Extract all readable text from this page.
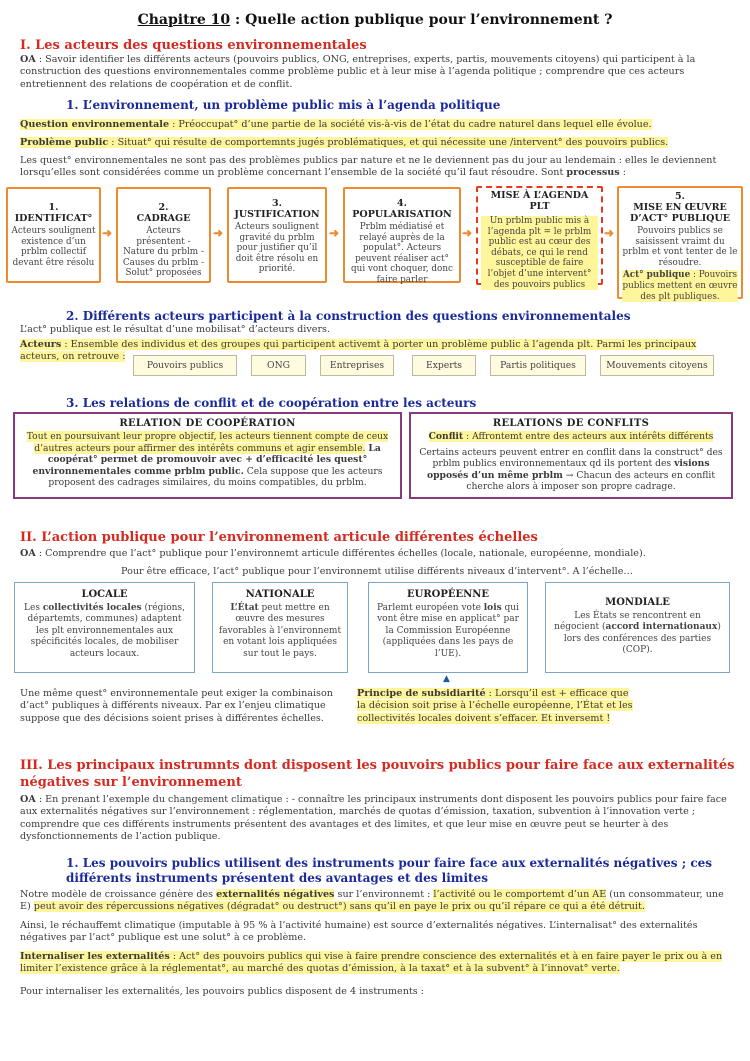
Chapitre 10 : Quelle action publique pour l’environnement ?
I. Les acteurs des questions environnementales
OA : Savoir identifier les différents acteurs (pouvoirs publics, ONG, entreprises, experts, partis, mouvements citoyens) qui participent à la construction des questions environnementales comme problème public et à leur mise à l’agenda politique ; comprendre que ces acteurs entretiennent des relations de coopération et de conflit.
1. L’environnement, un problème public mis à l’agenda politique
Question environnementale : Préoccupat° d’une partie de la société vis-à-vis de l’état du cadre naturel dans lequel elle évolue.
Problème public : Situat° qui résulte de comportemnts jugés problématiques, et qui nécessite une /intervent° des pouvoirs publics.
Les quest° environnementales ne sont pas des problèmes publics par nature et ne le deviennent pas du jour au lendemain : elles le deviennent lorsqu’elles sont considérées comme un problème concernant l’ensemble de la société qu’il faut résoudre. Sont processus :
1.
IDENTIFICAT°
Acteurs soulignent existence d’un prblm collectif devant être résolu
➜
2.
CADRAGE
Acteurs présentent - Nature du prblm - Causes du prblm - Solut° proposées
➜
3.
JUSTIFICATION
Acteurs soulignent gravité du prblm pour justifier qu’il doit être résolu en priorité.
➜
4.
POPULARISATION
Prblm médiatisé et relayé auprès de la populat°. Acteurs peuvent réaliser act° qui vont choquer, donc faire parler
➜
MISE À L’AGENDA PLT
Un prblm public mis à l’agenda plt = le prblm public est au cœur des débats, ce qui le rend susceptible de faire l’objet d’une intervent° des pouvoirs publics
➜
5.
MISE EN ŒUVRE D’ACT° PUBLIQUE
Pouvoirs publics se saisissent vraimt du prblm et vont tenter de le résoudre.
Act° publique : Pouvoirs publics mettent en œuvre des plt publiques.
2. Différents acteurs participent à la construction des questions environnementales
L’act° publique est le résultat d’une mobilisat° d’acteurs divers.
Acteurs : Ensemble des individus et des groupes qui participent activemt à porter un problème public à l’agenda plt. Parmi les principaux acteurs, on retrouve :
Pouvoirs publics	ONG	Entreprises	Experts	Partis politiques	Mouvements citoyens
3. Les relations de conflit et de coopération entre les acteurs
RELATION DE COOPÉRATION
Tout en poursuivant leur propre objectif, les acteurs tiennent compte de ceux d’autres acteurs pour affirmer des intérêts communs et agir ensemble. La coopérat° permet de promouvoir avec + d’efficacité les quest° environnementales comme prblm public. Cela suppose que les acteurs proposent des cadrages similaires, du moins compatibles, du prblm.
RELATIONS DE CONFLITS
Conflit : Affrontemt entre des acteurs aux intérêts différents
Certains acteurs peuvent entrer en conflit dans la construct° des prblm publics environnementaux qd ils portent des visions opposés d’un même prblm → Chacun des acteurs en conflit cherche alors à imposer son propre cadrage.
II. L’action publique pour l’environnement articule différentes échelles
OA : Comprendre que l’act° publique pour l’environnemt articule différentes échelles (locale, nationale, européenne, mondiale).
Pour être efficace, l’act° publique pour l’environnemt utilise différents niveaux d’intervent°. A l’échelle…
LOCALE
Les collectivités locales (régions, départemts, communes) adaptent les plt environnementales aux spécificités locales, de mobiliser acteurs locaux.
NATIONALE
L’État peut mettre en œuvre des mesures favorables à l’environnemt en votant lois appliquées sur tout le pays.
EUROPÉENNE
Parlemt européen vote lois qui vont être mise en applicat° par la Commission Européenne (appliquées dans les pays de l’UE).
MONDIALE
Les États se rencontrent en négocient (accord internationaux) lors des conférences des parties (COP).
▲
Une même quest° environnementale peut exiger la combinaison d’act° publiques à différents niveaux. Par ex l’enjeu climatique suppose que des décisions soient prises à différentes échelles.
Principe de subsidiarité : Lorsqu’il est + efficace que la décision soit prise à l’échelle européenne, l’État et les collectivités locales doivent s’effacer. Et inversemt !
III. Les principaux instrumnts dont disposent les pouvoirs publics pour faire face aux externalités négatives sur l’environnement
OA : En prenant l’exemple du changement climatique : - connaître les principaux instruments dont disposent les pouvoirs publics pour faire face aux externalités négatives sur l’environnement : réglementation, marchés de quotas d’émission, taxation, subvention à l’innovation verte ; comprendre que ces différents instruments présentent des avantages et des limites, et que leur mise en œuvre peut se heurter à des dysfonctionnements de l’action publique.
1. Les pouvoirs publics utilisent des instruments pour faire face aux externalités négatives ; ces différents instruments présentent des avantages et des limites
Notre modèle de croissance génère des externalités négatives sur l’environnemt : l’activité ou le comportemt d’un AE (un consommateur, une E) peut avoir des répercussions négatives (dégradat° ou destruct°) sans qu’il en paye le prix ou qu’il répare ce qui a été détruit.
Ainsi, le réchauffemt climatique (imputable à 95 % à l’activité humaine) est source d’externalités négatives. L’internalisat° des externalités négatives par l’act° publique est une solut° à ce problème.
Internaliser les externalités : Act° des pouvoirs publics qui vise à faire prendre conscience des externalités et à en faire payer le prix ou à en limiter l’existence grâce à la réglementat°, au marché des quotas d’émission, à la taxat° et à la subvent° à l’innovat° verte.
Pour internaliser les externalités, les pouvoirs publics disposent de 4 instruments :
